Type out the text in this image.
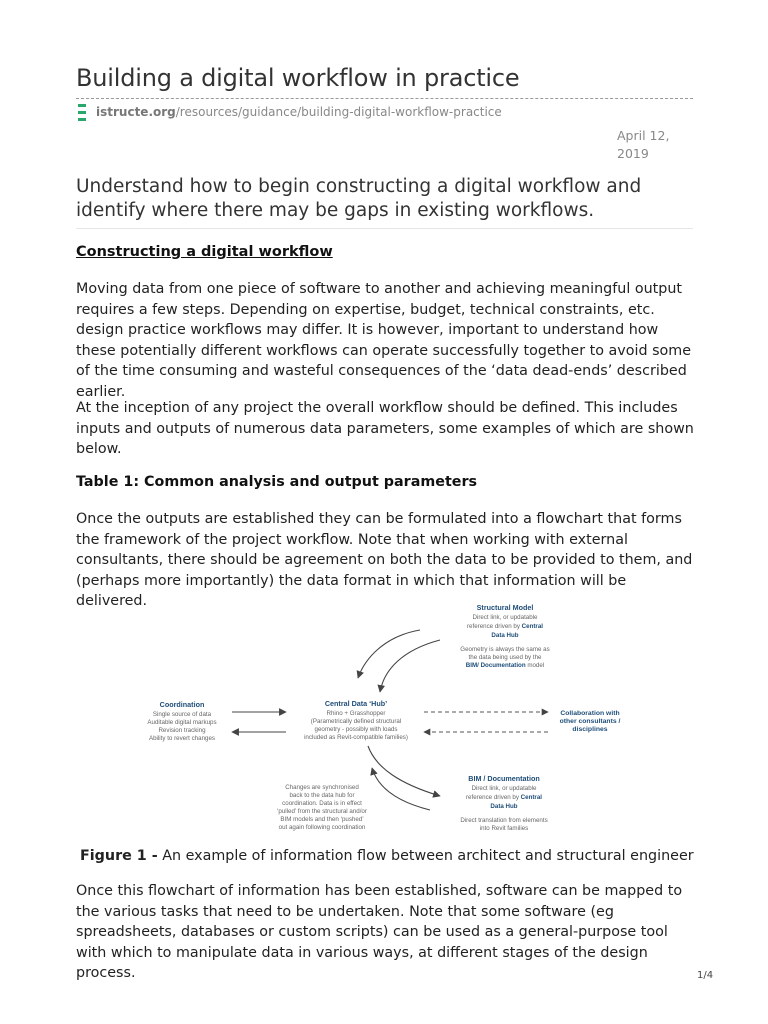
Building a digital workflow in practice
istructe.org/resources/guidance/building-digital-workflow-practice
April 12, 2019

Understand how to begin constructing a digital workflow and identify where there may be gaps in existing workflows.

Constructing a digital workflow

Moving data from one piece of software to another and achieving meaningful output requires a few steps. Depending on expertise, budget, technical constraints, etc. design practice workflows may differ. It is however, important to understand how these potentially different workflows can operate successfully together to avoid some of the time consuming and wasteful consequences of the ‘data dead-ends’ described earlier.

At the inception of any project the overall workflow should be defined. This includes inputs and outputs of numerous data parameters, some examples of which are shown below.

Table 1: Common analysis and output parameters

Once the outputs are established they can be formulated into a flowchart that forms the framework of the project workflow. Note that when working with external consultants, there should be agreement on both the data to be provided to them, and (perhaps more importantly) the data format in which that information will be delivered.	Structural Model
Direct link, or updatable
reference driven by Central
Data Hub
Geometry is always the same as
the data being used by the
BIM/ Documentation model
Coordination
Single source of data
Auditable digital markups
Revision tracking
Ability to revert changes
Central Data ‘Hub’
Rhino + Grasshopper
(Parametrically defined structural
geometry - possibly with loads
included as Revit-compatible families)
Collaboration with
other consultants /
disciplines
Changes are synchronised
back to the data hub for
coordination. Data is in effect
‘pulled’ from the structural and/or
BIM models and then ‘pushed’
out again following coordination
BIM / Documentation
Direct link, or updatable
reference driven by Central
Data Hub
Direct translation from elements
into Revit families

Figure 1 - An example of information flow between architect and structural engineer

Once this flowchart of information has been established, software can be mapped to the various tasks that need to be undertaken. Note that some software (eg spreadsheets, databases or custom scripts) can be used as a general-purpose tool with which to manipulate data in various ways, at different stages of the design process.	1/4
